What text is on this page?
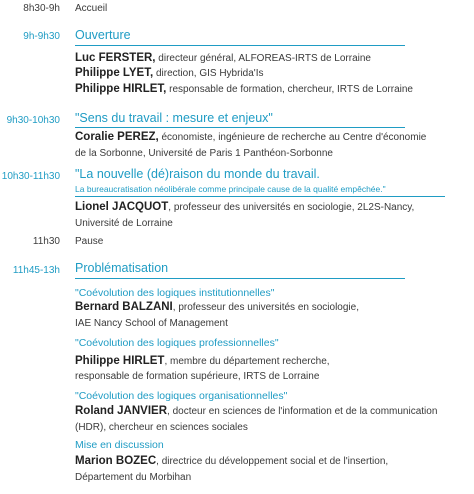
8h30-9h Accueil
9h-9h30 Ouverture
Luc FERSTER, directeur général, ALFOREAS-IRTS de Lorraine
Philippe LYET, direction, GIS Hybrida'Is
Philippe HIRLET, responsable de formation, chercheur, IRTS de Lorraine
9h30-10h30 "Sens du travail : mesure et enjeux"
Coralie PEREZ, économiste, ingénieure de recherche au Centre d'économie
de la Sorbonne, Université de Paris 1 Panthéon-Sorbonne
10h30-11h30 "La nouvelle (dé)raison du monde du travail.
La bureaucratisation néolibérale comme principale cause de la qualité empêchée."
Lionel JACQUOT, professeur des universités en sociologie, 2L2S-Nancy,
Université de Lorraine
11h30 Pause
11h45-13h Problématisation
"Coévolution des logiques institutionnelles"
Bernard BALZANI, professeur des universités en sociologie,
IAE Nancy School of Management
"Coévolution des logiques professionnelles"
Philippe HIRLET, membre du département recherche,
responsable de formation supérieure, IRTS de Lorraine
"Coévolution des logiques organisationnelles"
Roland JANVIER, docteur en sciences de l'information et de la communication
(HDR), chercheur en sciences sociales
Mise en discussion
Marion BOZEC, directrice du développement social et de l'insertion,
Département du Morbihan
